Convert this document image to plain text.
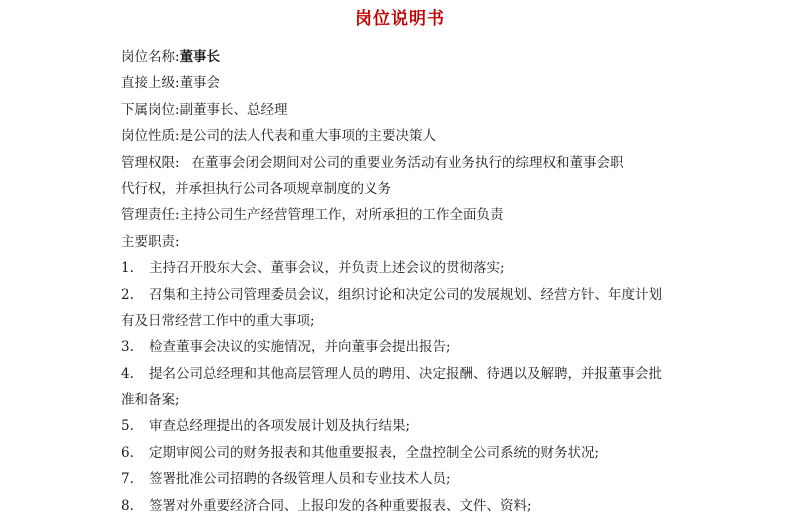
岗位说明书
岗位名称:董事长
直接上级:董事会
下属岗位:副董事长、总经理
岗位性质:是公司的法人代表和重大事项的主要决策人
管理权限: 在董事会闭会期间对公司的重要业务活动有业务执行的综理权和董事会职
代行权，并承担执行公司各项规章制度的义务
管理责任:主持公司生产经营管理工作，对所承担的工作全面负责
主要职责:
1. 主持召开股东大会、董事会议，并负责上述会议的贯彻落实;
2. 召集和主持公司管理委员会议，组织讨论和决定公司的发展规划、经营方针、年度计划
有及日常经营工作中的重大事项;
3. 检查董事会决议的实施情况，并向董事会提出报告;
4. 提名公司总经理和其他高层管理人员的聘用、决定报酬、待遇以及解聘，并报董事会批
准和备案;
5. 审查总经理提出的各项发展计划及执行结果;
6. 定期审阅公司的财务报表和其他重要报表，全盘控制全公司系统的财务状况;
7. 签署批准公司招聘的各级管理人员和专业技术人员;
8. 签署对外重要经济合同、上报印发的各种重要报表、文件、资料;
